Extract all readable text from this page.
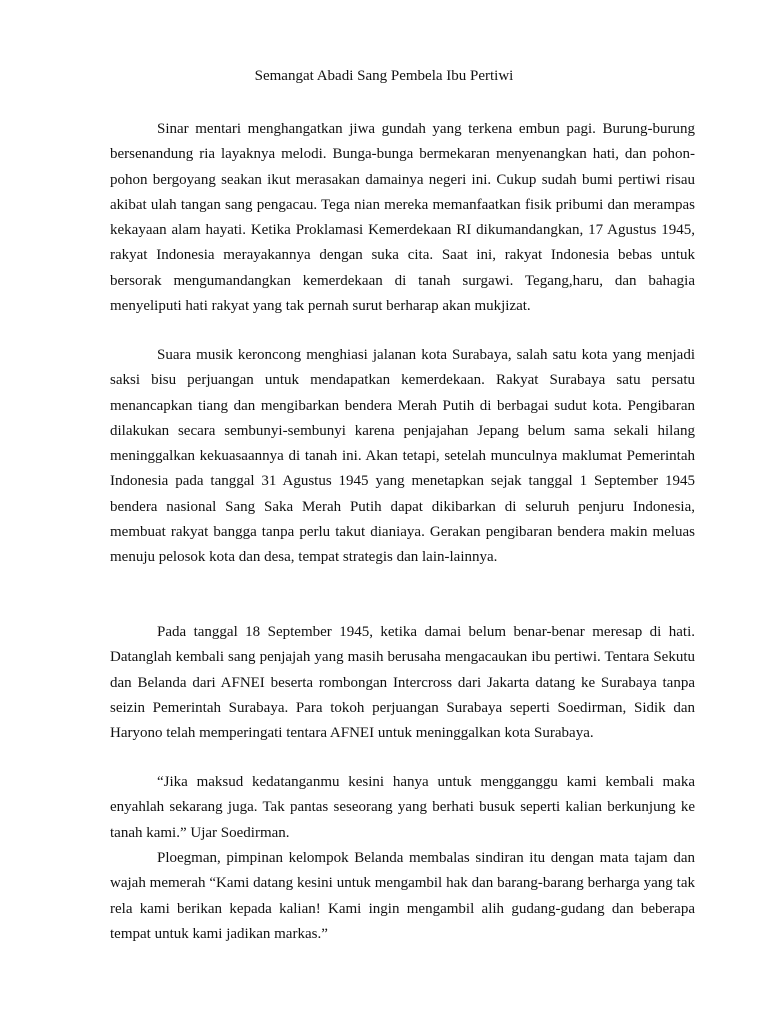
Semangat Abadi Sang Pembela Ibu Pertiwi

Sinar mentari menghangatkan jiwa gundah yang terkena embun pagi. Burung-burung bersenandung ria layaknya melodi. Bunga-bunga bermekaran menyenangkan hati, dan pohon-pohon bergoyang seakan ikut merasakan damainya negeri ini. Cukup sudah bumi pertiwi risau akibat ulah tangan sang pengacau. Tega nian mereka memanfaatkan fisik pribumi dan merampas kekayaan alam hayati. Ketika Proklamasi Kemerdekaan RI dikumandangkan, 17 Agustus 1945, rakyat Indonesia merayakannya dengan suka cita. Saat ini, rakyat Indonesia bebas untuk bersorak mengumandangkan kemerdekaan di tanah surgawi. Tegang,haru, dan bahagia menyeliputi hati rakyat yang tak pernah surut berharap akan mukjizat.

Suara musik keroncong menghiasi jalanan kota Surabaya, salah satu kota yang menjadi saksi bisu perjuangan untuk mendapatkan kemerdekaan. Rakyat Surabaya satu persatu menancapkan tiang dan mengibarkan bendera Merah Putih di berbagai sudut kota. Pengibaran dilakukan secara sembunyi-sembunyi karena penjajahan Jepang belum sama sekali hilang meninggalkan kekuasaannya di tanah ini. Akan tetapi, setelah munculnya maklumat Pemerintah Indonesia pada tanggal 31 Agustus 1945 yang menetapkan sejak tanggal 1 September 1945 bendera nasional Sang Saka Merah Putih dapat dikibarkan di seluruh penjuru Indonesia, membuat rakyat bangga tanpa perlu takut dianiaya. Gerakan pengibaran bendera makin meluas menuju pelosok kota dan desa, tempat strategis dan lain-lainnya.

Pada tanggal 18 September 1945, ketika damai belum benar-benar meresap di hati. Datanglah kembali sang penjajah yang masih berusaha mengacaukan ibu pertiwi. Tentara Sekutu dan Belanda dari AFNEI beserta rombongan Intercross dari Jakarta datang ke Surabaya tanpa seizin Pemerintah Surabaya. Para tokoh perjuangan Surabaya seperti Soedirman, Sidik dan Haryono telah memperingati tentara AFNEI untuk meninggalkan kota Surabaya.

“Jika maksud kedatanganmu kesini hanya untuk mengganggu kami kembali maka enyahlah sekarang juga. Tak pantas seseorang yang berhati busuk seperti kalian berkunjung ke tanah kami.” Ujar Soedirman.

Ploegman, pimpinan kelompok Belanda membalas sindiran itu dengan mata tajam dan wajah memerah “Kami datang kesini untuk mengambil hak dan barang-barang berharga yang tak rela kami berikan kepada kalian! Kami ingin mengambil alih gudang-gudang dan beberapa tempat untuk kami jadikan markas.”
